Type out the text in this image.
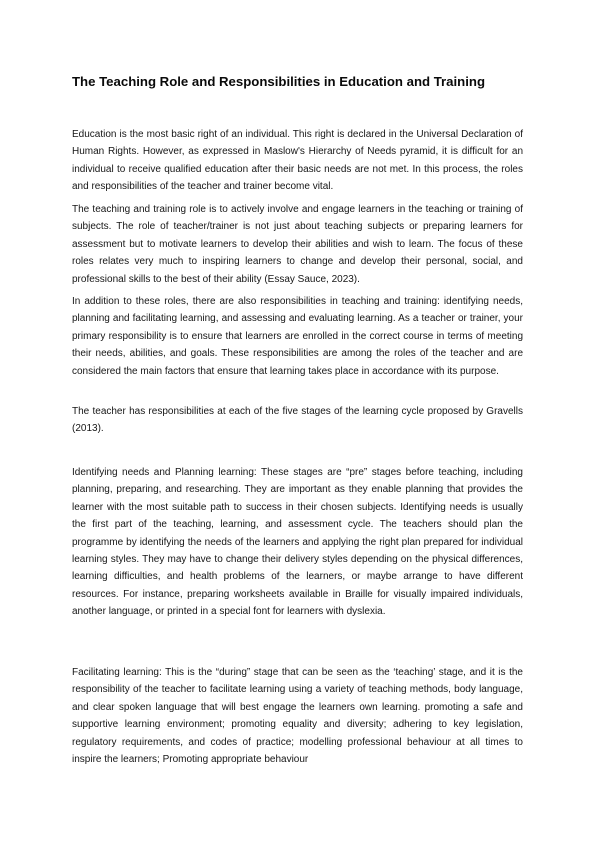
The Teaching Role and Responsibilities in Education and Training

Education is the most basic right of an individual. This right is declared in the Universal Declaration of Human Rights. However, as expressed in Maslow's Hierarchy of Needs pyramid, it is difficult for an individual to receive qualified education after their basic needs are not met. In this process, the roles and responsibilities of the teacher and trainer become vital.

The teaching and training role is to actively involve and engage learners in the teaching or training of subjects. The role of teacher/trainer is not just about teaching subjects or preparing learners for assessment but to motivate learners to develop their abilities and wish to learn. The focus of these roles relates very much to inspiring learners to change and develop their personal, social, and professional skills to the best of their ability (Essay Sauce, 2023).

In addition to these roles, there are also responsibilities in teaching and training: identifying needs, planning and facilitating learning, and assessing and evaluating learning. As a teacher or trainer, your primary responsibility is to ensure that learners are enrolled in the correct course in terms of meeting their needs, abilities, and goals. These responsibilities are among the roles of the teacher and are considered the main factors that ensure that learning takes place in accordance with its purpose.

The teacher has responsibilities at each of the five stages of the learning cycle proposed by Gravells (2013).

Identifying needs and Planning learning: These stages are “pre” stages before teaching, including planning, preparing, and researching. They are important as they enable planning that provides the learner with the most suitable path to success in their chosen subjects. Identifying needs is usually the first part of the teaching, learning, and assessment cycle. The teachers should plan the programme by identifying the needs of the learners and applying the right plan prepared for individual learning styles. They may have to change their delivery styles depending on the physical differences, learning difficulties, and health problems of the learners, or maybe arrange to have different resources. For instance, preparing worksheets available in Braille for visually impaired individuals, another language, or printed in a special font for learners with dyslexia.

Facilitating learning: This is the “during” stage that can be seen as the ‘teaching’ stage, and it is the responsibility of the teacher to facilitate learning using a variety of teaching methods, body language, and clear spoken language that will best engage the learners own learning. promoting a safe and supportive learning environment; promoting equality and diversity; adhering to key legislation, regulatory requirements, and codes of practice; modelling professional behaviour at all times to inspire the learners; Promoting appropriate behaviour
